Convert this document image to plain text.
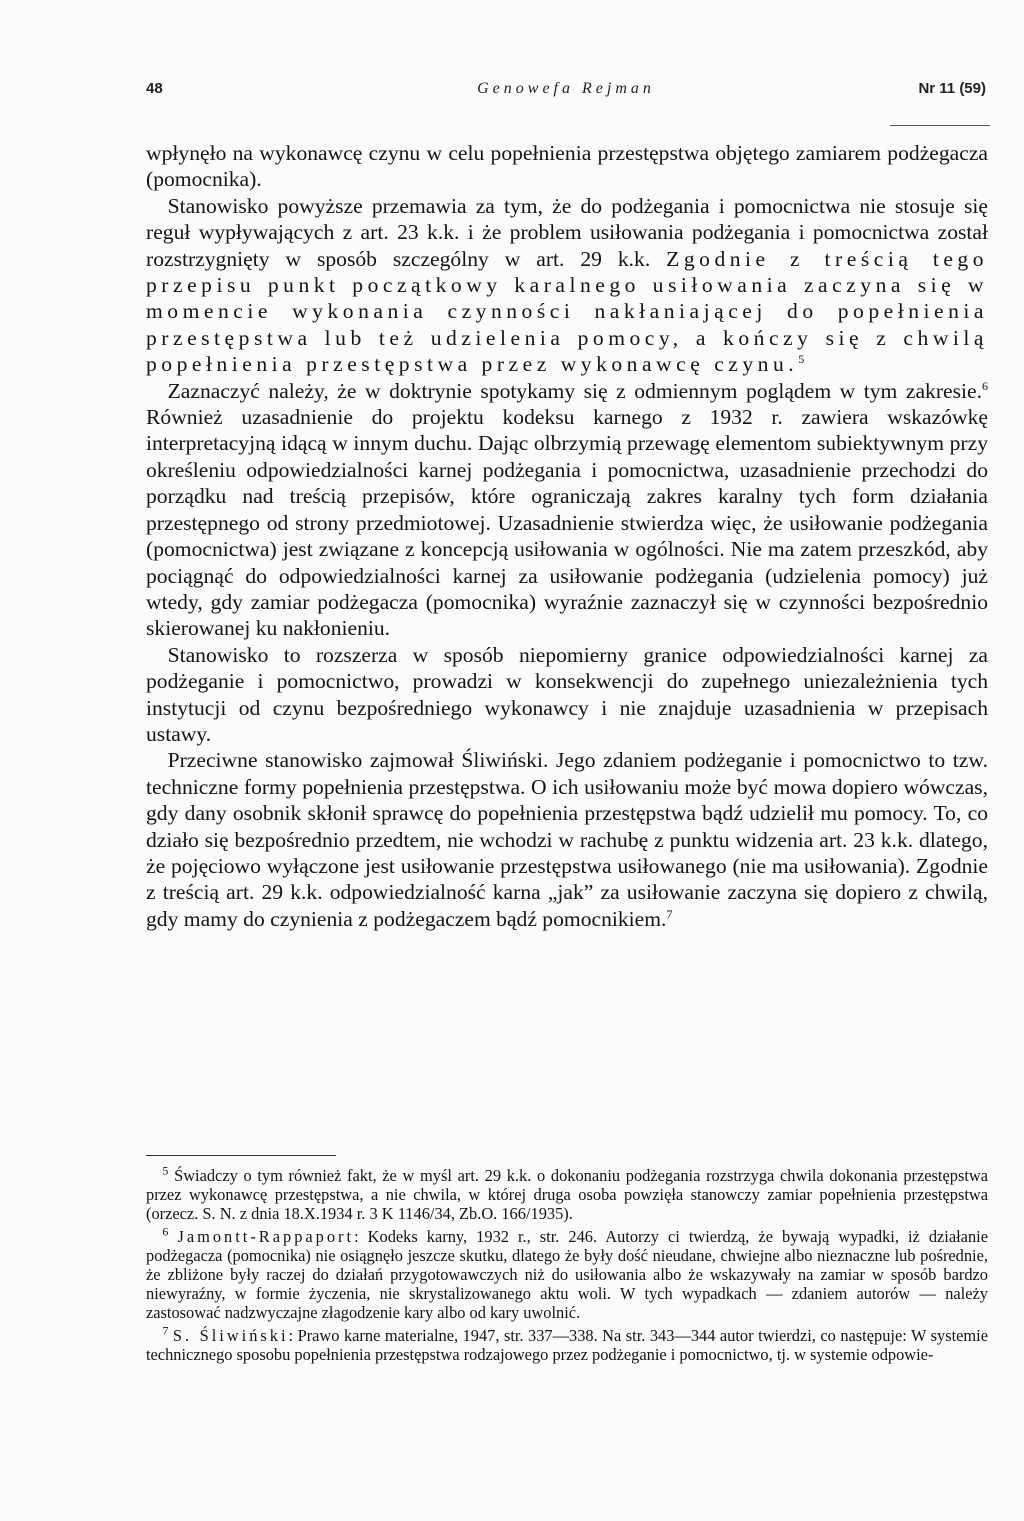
48	Genowefa Rejman	Nr 11 (59)

wpłynęło na wykonawcę czynu w celu popełnienia przestępstwa objętego zamiarem podżegacza (pomocnika).

 Stanowisko powyższe przemawia za tym, że do podżegania i pomocnictwa nie stosuje się reguł wypływających z art. 23 k.k. i że problem usiłowania podżegania i pomocnictwa został rozstrzygnięty w sposób szczególny w art. 29 k.k. Zgodnie z treścią tego przepisu punkt początkowy karalnego usiłowania zaczyna się w momencie wykonania czynności nakłaniającej do popełnienia przestępstwa lub też udzielenia pomocy, a kończy się z chwilą popełnienia przestępstwa przez wykonawcę czynu.$^5$

 Zaznaczyć należy, że w doktrynie spotykamy się z odmiennym poglądem w tym zakresie.$^6$ Również uzasadnienie do projektu kodeksu karnego z 1932 r. zawiera wskazówkę interpretacyjną idącą w innym duchu. Dając olbrzymią przewagę elementom subiektywnym przy określeniu odpowiedzialności karnej podżegania i pomocnictwa, uzasadnienie przechodzi do porządku nad treścią przepisów, które ograniczają zakres karalny tych form działania przestępnego od strony przedmiotowej. Uzasadnienie stwierdza więc, że usiłowanie podżegania (pomocnictwa) jest związane z koncepcją usiłowania w ogólności. Nie ma zatem przeszkód, aby pociągnąć do odpowiedzialności karnej za usiłowanie podżegania (udzielenia pomocy) już wtedy, gdy zamiar podżegacza (pomocnika) wyraźnie zaznaczył się w czynności bezpośrednio skierowanej ku nakłonieniu.

 Stanowisko to rozszerza w sposób niepomierny granice odpowiedzialności karnej za podżeganie i pomocnictwo, prowadzi w konsekwencji do zupełnego uniezależnienia tych instytucji od czynu bezpośredniego wykonawcy i nie znajduje uzasadnienia w przepisach ustawy.

 Przeciwne stanowisko zajmował Śliwiński. Jego zdaniem podżeganie i pomocnictwo to tzw. techniczne formy popełnienia przestępstwa. O ich usiłowaniu może być mowa dopiero wówczas, gdy dany osobnik skłonił sprawcę do popełnienia przestępstwa bądź udzielił mu pomocy. To, co działo się bezpośrednio przedtem, nie wchodzi w rachubę z punktu widzenia art. 23 k.k. dlatego, że pojęciowo wyłączone jest usiłowanie przestępstwa usiłowanego (nie ma usiłowania). Zgodnie z treścią art. 29 k.k. odpowiedzialność karna „jak” za usiłowanie zaczyna się dopiero z chwilą, gdy mamy do czynienia z podżegaczem bądź pomocnikiem.$^7$

 $^5$ Świadczy o tym również fakt, że w myśl art. 29 k.k. o dokonaniu podżegania rozstrzyga chwila dokonania przestępstwa przez wykonawcę przestępstwa, a nie chwila, w której druga osoba powzięła stanowczy zamiar popełnienia przestępstwa (orzecz. S. N. z dnia 18.X.1934 r. 3 K 1146/34, Zb.O. 166/1935).

 $^6$ Jamontt-Rappaport: Kodeks karny, 1932 r., str. 246. Autorzy ci twierdzą, że bywają wypadki, iż działanie podżegacza (pomocnika) nie osiągnęło jeszcze skutku, dlatego że były dość nieudane, chwiejne albo nieznaczne lub pośrednie, że zbliżone były raczej do działań przygotowawczych niż do usiłowania albo że wskazywały na zamiar w sposób bardzo niewyraźny, w formie życzenia, nie skrystalizowanego aktu woli. W tych wypadkach — zdaniem autorów — należy zastosować nadzwyczajne złagodzenie kary albo od kary uwolnić.

 $^7$ S. Śliwiński: Prawo karne materialne, 1947, str. 337—338. Na str. 343—344 autor twierdzi, co następuje: W systemie technicznego sposobu popełnienia przestępstwa rodzajowego przez podżeganie i pomocnictwo, tj. w systemie odpowie-
